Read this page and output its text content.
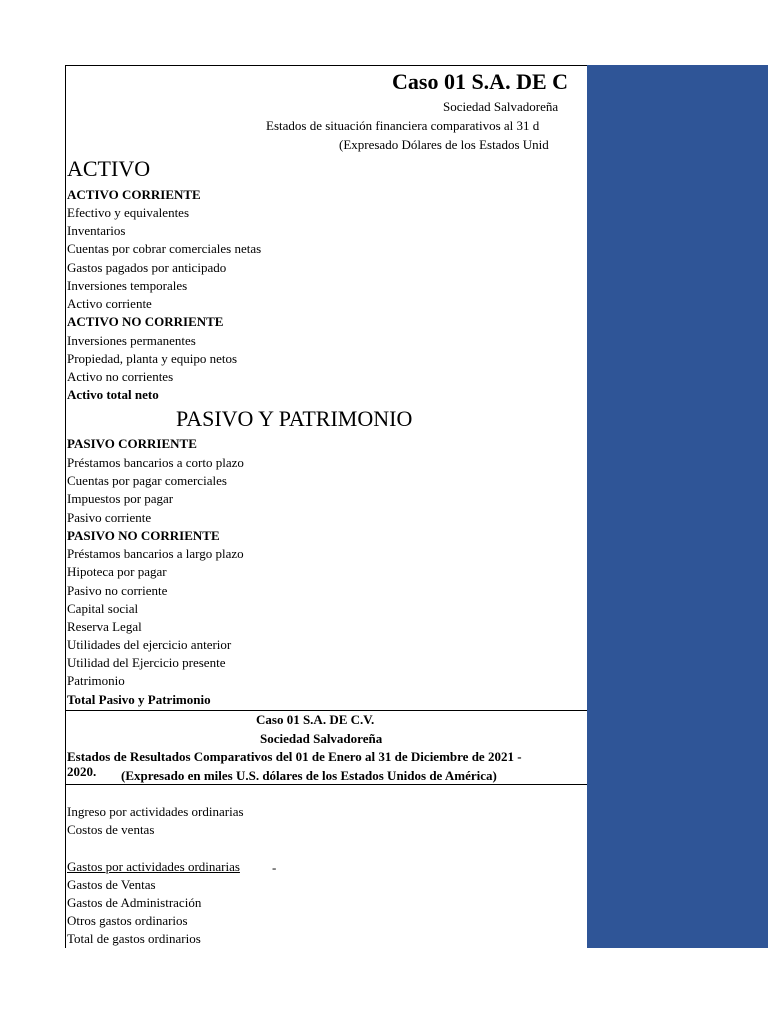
Caso 01 S.A. DE C
Sociedad Salvadoreña
Estados de situación financiera comparativos al 31 d
(Expresado Dólares de los Estados Unid
ACTIVO
ACTIVO CORRIENTE
Efectivo y equivalentes
Inventarios
Cuentas por cobrar comerciales netas
Gastos pagados por anticipado
Inversiones temporales
Activo corriente
ACTIVO NO CORRIENTE
Inversiones permanentes
Propiedad, planta y equipo netos
Activo no corrientes
Activo total neto
PASIVO Y PATRIMONIO
PASIVO CORRIENTE
Préstamos bancarios a corto plazo
Cuentas por pagar comerciales
Impuestos por pagar
Pasivo corriente
PASIVO NO CORRIENTE
Préstamos bancarios a largo plazo
Hipoteca por pagar
Pasivo no corriente
Capital social
Reserva Legal
Utilidades del ejercicio anterior
Utilidad del Ejercicio presente
Patrimonio
Total Pasivo y Patrimonio
Caso 01 S.A. DE C.V.
Sociedad Salvadoreña
Estados de Resultados Comparativos del 01 de Enero al 31 de Diciembre de 2021 -
2020. (Expresado en miles U.S. dólares de los Estados Unidos de América)
Ingreso por actividades ordinarias
Costos de ventas
Gastos por actividades ordinarias -
Gastos de Ventas
Gastos de Administración
Otros gastos ordinarios
Total de gastos ordinarios
